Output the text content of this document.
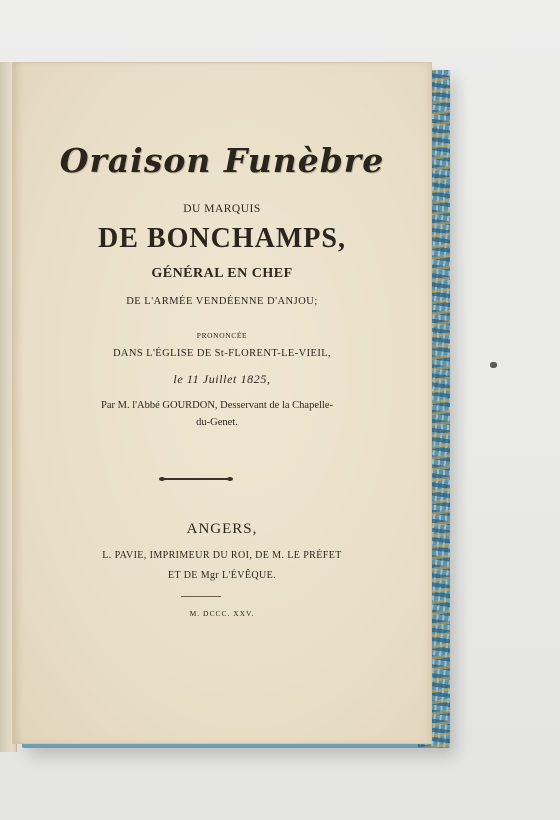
Oraison Funèbre
DU MARQUIS
DE BONCHAMPS,
GÉNÉRAL EN CHEF
DE L'ARMÉE VENDÉENNE D'ANJOU;
PRONONCÉE
DANS L'ÉGLISE DE St-FLORENT-LE-VIEIL,
le 11 Juillet 1825,
Par M. l'Abbé GOURDON, Desservant de la Chapelle-
du-Genet.
ANGERS,
L. PAVIE, IMPRIMEUR DU ROI, DE M. LE PRÉFET
ET DE Mgr L'ÉVÊQUE.
M. DCCC. XXV.
